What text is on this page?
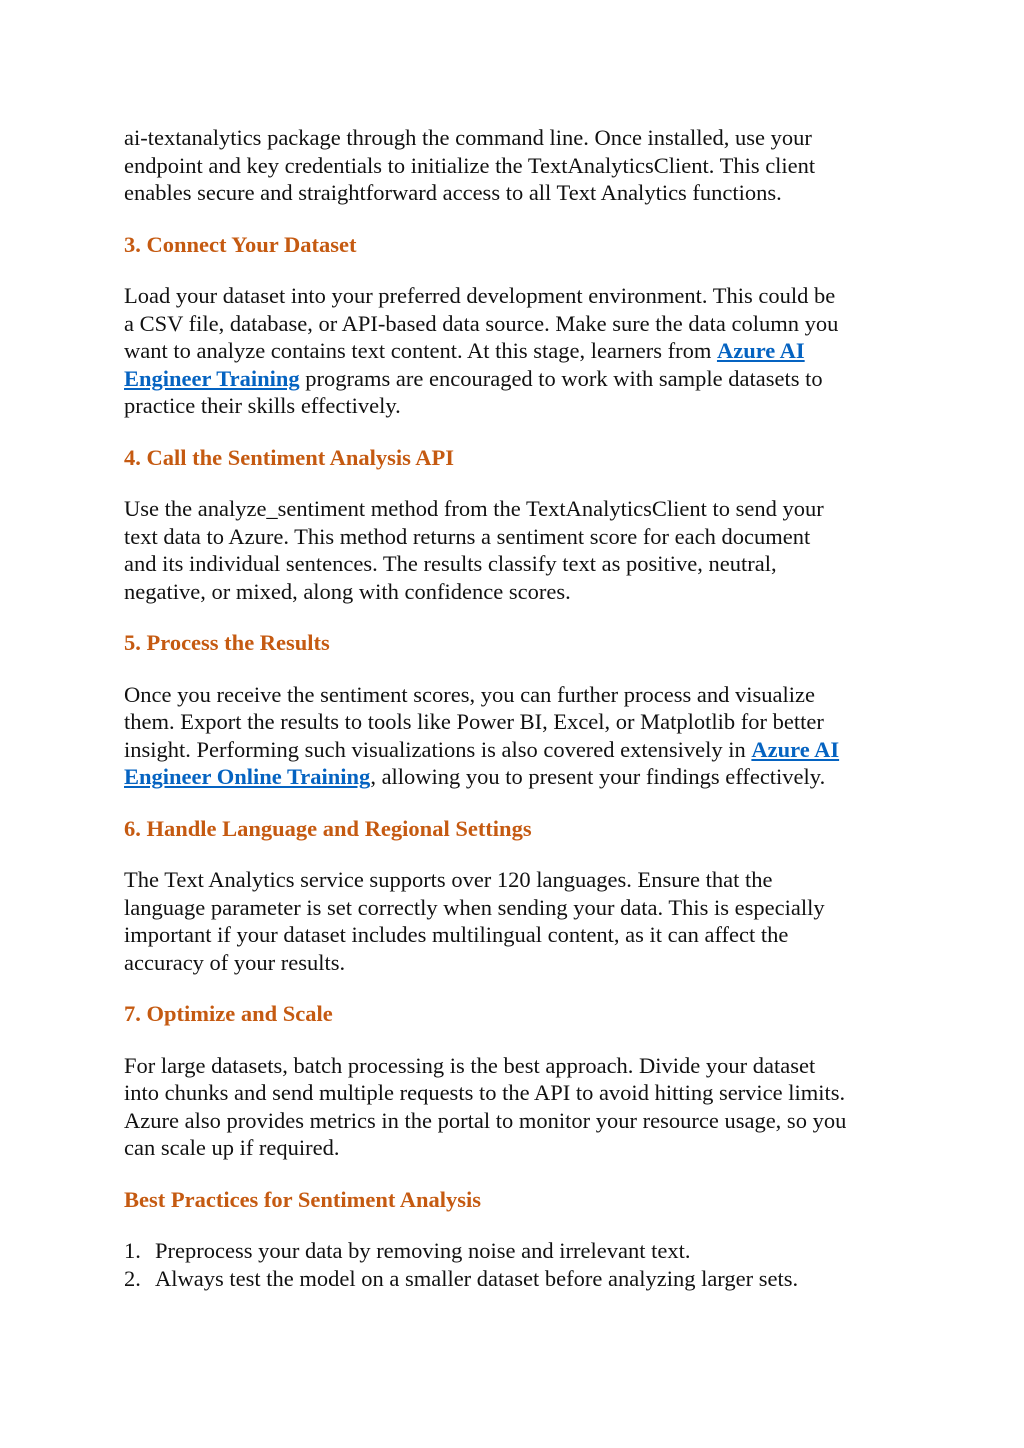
ai-textanalytics package through the command line. Once installed, use your
endpoint and key credentials to initialize the TextAnalyticsClient. This client
enables secure and straightforward access to all Text Analytics functions.

3. Connect Your Dataset

Load your dataset into your preferred development environment. This could be
a CSV file, database, or API-based data source. Make sure the data column you
want to analyze contains text content. At this stage, learners from Azure AI
Engineer Training programs are encouraged to work with sample datasets to
practice their skills effectively.

4. Call the Sentiment Analysis API

Use the analyze_sentiment method from the TextAnalyticsClient to send your
text data to Azure. This method returns a sentiment score for each document
and its individual sentences. The results classify text as positive, neutral,
negative, or mixed, along with confidence scores.

5. Process the Results

Once you receive the sentiment scores, you can further process and visualize
them. Export the results to tools like Power BI, Excel, or Matplotlib for better
insight. Performing such visualizations is also covered extensively in Azure AI
Engineer Online Training, allowing you to present your findings effectively.

6. Handle Language and Regional Settings

The Text Analytics service supports over 120 languages. Ensure that the
language parameter is set correctly when sending your data. This is especially
important if your dataset includes multilingual content, as it can affect the
accuracy of your results.

7. Optimize and Scale

For large datasets, batch processing is the best approach. Divide your dataset
into chunks and send multiple requests to the API to avoid hitting service limits.
Azure also provides metrics in the portal to monitor your resource usage, so you
can scale up if required.

Best Practices for Sentiment Analysis
1. Preprocess your data by removing noise and irrelevant text.
2. Always test the model on a smaller dataset before analyzing larger sets.
